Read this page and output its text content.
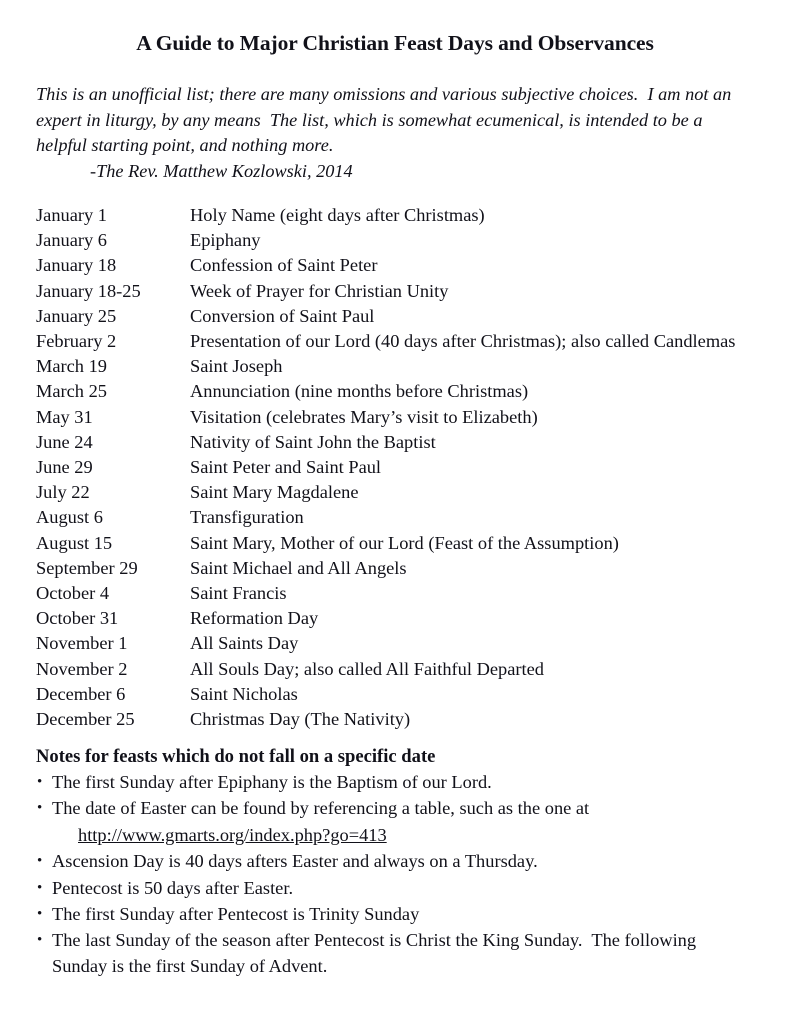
A Guide to Major Christian Feast Days and Observances

This is an unofficial list; there are many omissions and various subjective choices.  I am not an expert in liturgy, by any means  The list, which is somewhat ecumenical, is intended to be a helpful starting point, and nothing more.

-The Rev. Matthew Kozlowski, 2014

January 1	Holy Name (eight days after Christmas)
January 6	Epiphany
January 18	Confession of Saint Peter
January 18-25	Week of Prayer for Christian Unity
January 25	Conversion of Saint Paul
February 2	Presentation of our Lord (40 days after Christmas); also called Candlemas
March 19	Saint Joseph
March 25	Annunciation (nine months before Christmas)
May 31	Visitation (celebrates Mary’s visit to Elizabeth)
June 24	Nativity of Saint John the Baptist
June 29	Saint Peter and Saint Paul
July 22	Saint Mary Magdalene
August 6	Transfiguration
August 15	Saint Mary, Mother of our Lord (Feast of the Assumption)
September 29	Saint Michael and All Angels
October 4	Saint Francis
October 31	Reformation Day
November 1	All Saints Day
November 2	All Souls Day; also called All Faithful Departed
December 6	Saint Nicholas
December 25	Christmas Day (The Nativity)
Notes for feasts which do not fall on a specific date
• The first Sunday after Epiphany is the Baptism of our Lord.
• The date of Easter can be found by referencing a table, such as the one at
http://www.gmarts.org/index.php?go=413
• Ascension Day is 40 days afters Easter and always on a Thursday.
• Pentecost is 50 days after Easter.
• The first Sunday after Pentecost is Trinity Sunday
• The last Sunday of the season after Pentecost is Christ the King Sunday.  The following
Sunday is the first Sunday of Advent.
